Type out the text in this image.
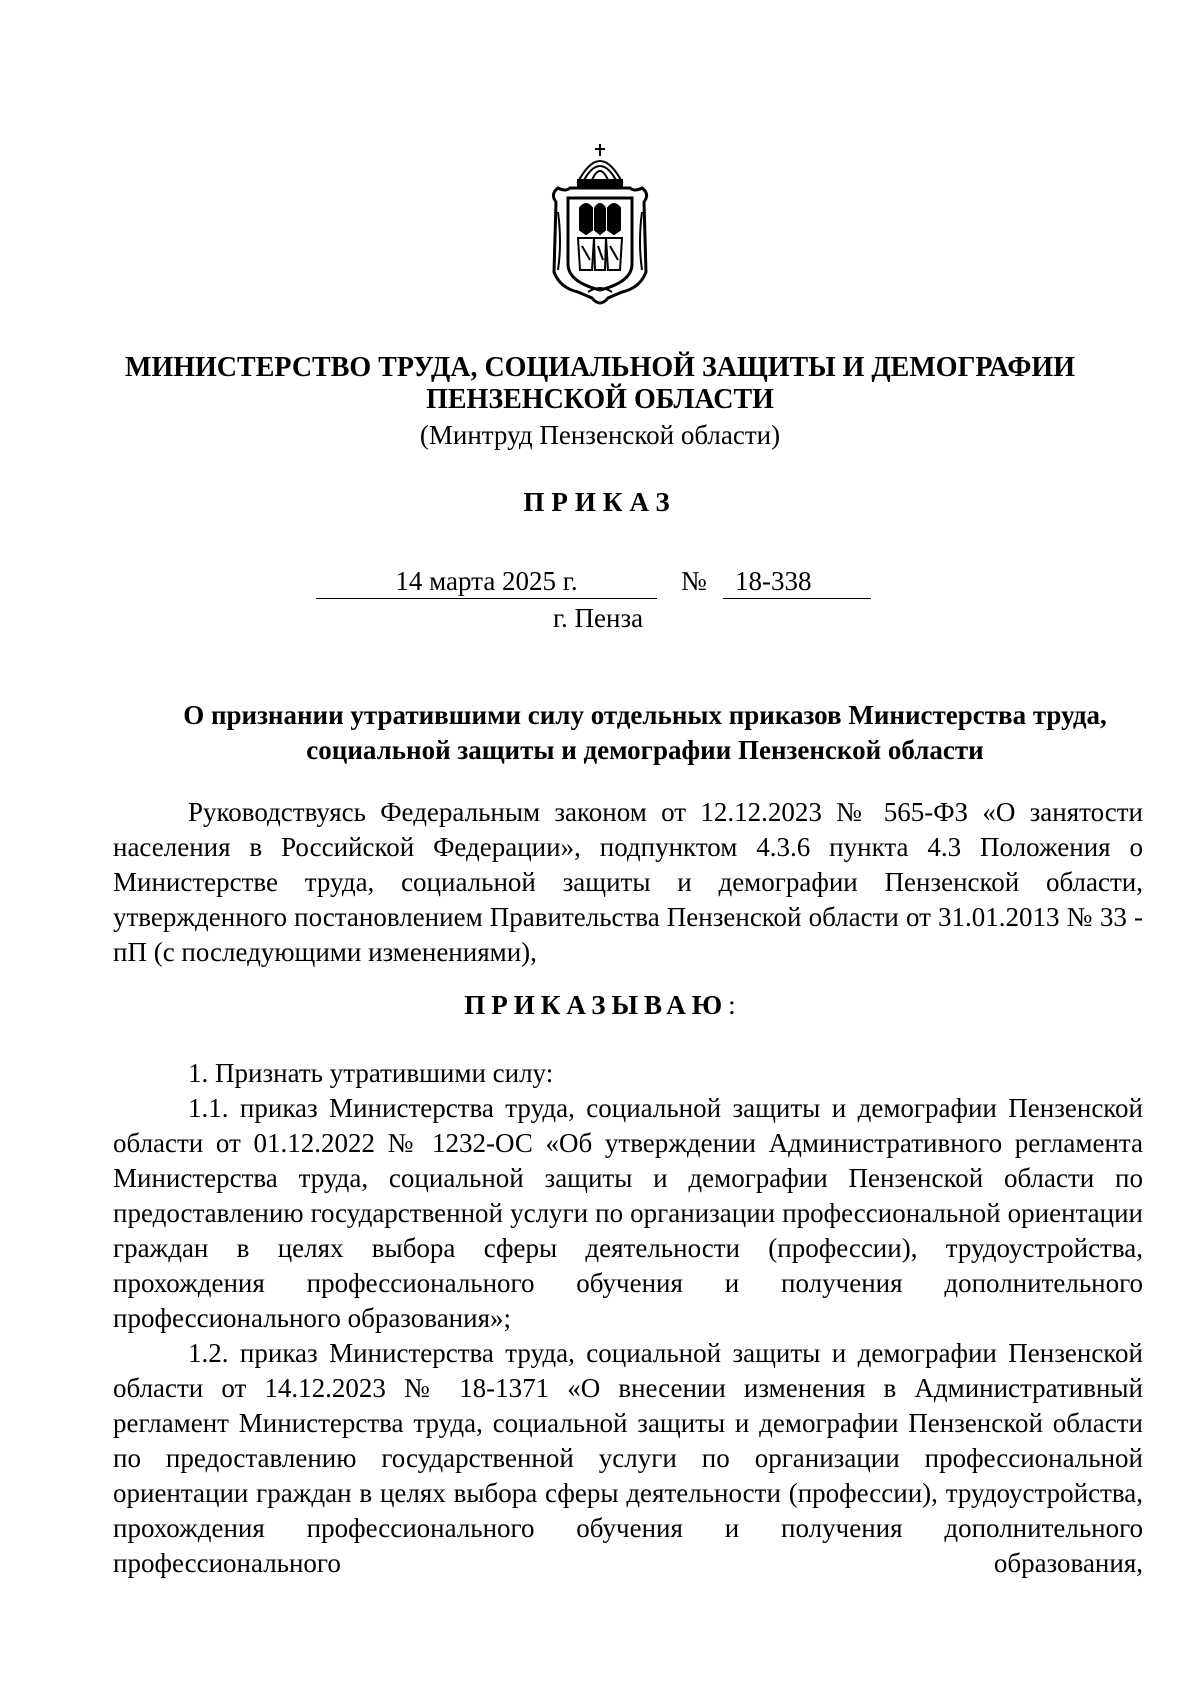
МИНИСТЕРСТВО ТРУДА, СОЦИАЛЬНОЙ ЗАЩИТЫ И ДЕМОГРАФИИ
ПЕНЗЕНСКОЙ ОБЛАСТИ
(Минтруд Пензенской области)
ПРИКАЗ
14 марта 2025 г.	№	18-338
г. Пенза
О признании утратившими силу отдельных приказов Министерства труда,
социальной защиты и демографии Пензенской области

Руководствуясь Федеральным законом от 12.12.2023 № 565-ФЗ «О занятости населения в Российской Федерации», подпунктом 4.3.6 пункта 4.3 Положения о Министерстве труда, социальной защиты и демографии Пензенской области, утвержденного постановлением Правительства Пензенской области от 31.01.2013 № 33 - пП (с последующими изменениями),

ПРИКАЗЫВАЮ:

1. Признать утратившими силу:

1.1. приказ Министерства труда, социальной защиты и демографии Пензенской области от 01.12.2022 № 1232-ОС «Об утверждении Административного регламента Министерства труда, социальной защиты и демографии Пензенской области по предоставлению государственной услуги по организации профессиональной ориентации граждан в целях выбора сферы деятельности (профессии), трудоустройства, прохождения профессионального обучения и получения дополнительного профессионального образования»;

1.2. приказ Министерства труда, социальной защиты и демографии Пензенской области от 14.12.2023 № 18-1371 «О внесении изменения в Административный регламент Министерства труда, социальной защиты и демографии Пензенской области по предоставлению государственной услуги по организации профессиональной ориентации граждан в целях выбора сферы деятельности (профессии), трудоустройства, прохождения профессионального обучения и получения дополнительного профессионального образования,
